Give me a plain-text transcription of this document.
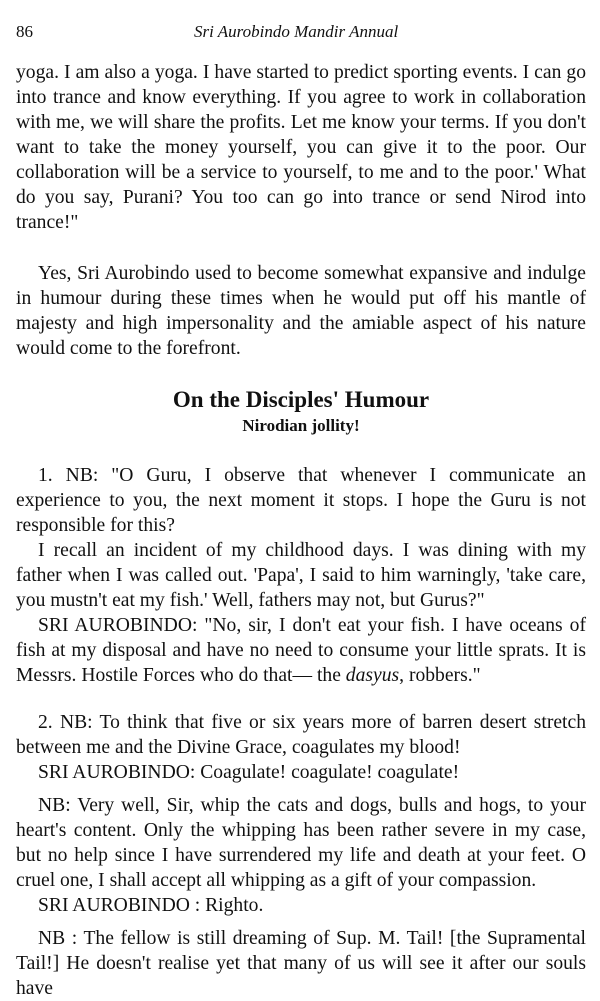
86	Sri Aurobindo Mandir Annual

yoga. I am also a yoga. I have started to predict sporting events. I can go into trance and know everything. If you agree to work in collaboration with me, we will share the profits. Let me know your terms. If you don't want to take the money yourself, you can give it to the poor. Our collaboration will be a service to yourself, to me and to the poor.' What do you say, Purani? You too can go into trance or send Nirod into trance!"

Yes, Sri Aurobindo used to become somewhat expansive and indulge in humour during these times when he would put off his mantle of majesty and high impersonality and the amiable aspect of his nature would come to the forefront.

On the Disciples' Humour
Nirodian jollity!

1. NB: "O Guru, I observe that whenever I communicate an experience to you, the next moment it stops. I hope the Guru is not responsible for this?

I recall an incident of my childhood days. I was dining with my father when I was called out. 'Papa', I said to him warningly, 'take care, you mustn't eat my fish.' Well, fathers may not, but Gurus?"

SRI AUROBINDO: "No, sir, I don't eat your fish. I have oceans of fish at my disposal and have no need to consume your little sprats. It is Messrs. Hostile Forces who do that— the dasyus, robbers."

2. NB: To think that five or six years more of barren desert stretch between me and the Divine Grace, coagulates my blood!

SRI AUROBINDO: Coagulate! coagulate! coagulate!

NB: Very well, Sir, whip the cats and dogs, bulls and hogs, to your heart's content. Only the whipping has been rather severe in my case, but no help since I have surrendered my life and death at your feet. O cruel one, I shall accept all whipping as a gift of your compassion.

SRI AUROBINDO : Righto.

NB : The fellow is still dreaming of Sup. M. Tail! [the Supramental Tail!] He doesn't realise yet that many of us will see it after our souls have
